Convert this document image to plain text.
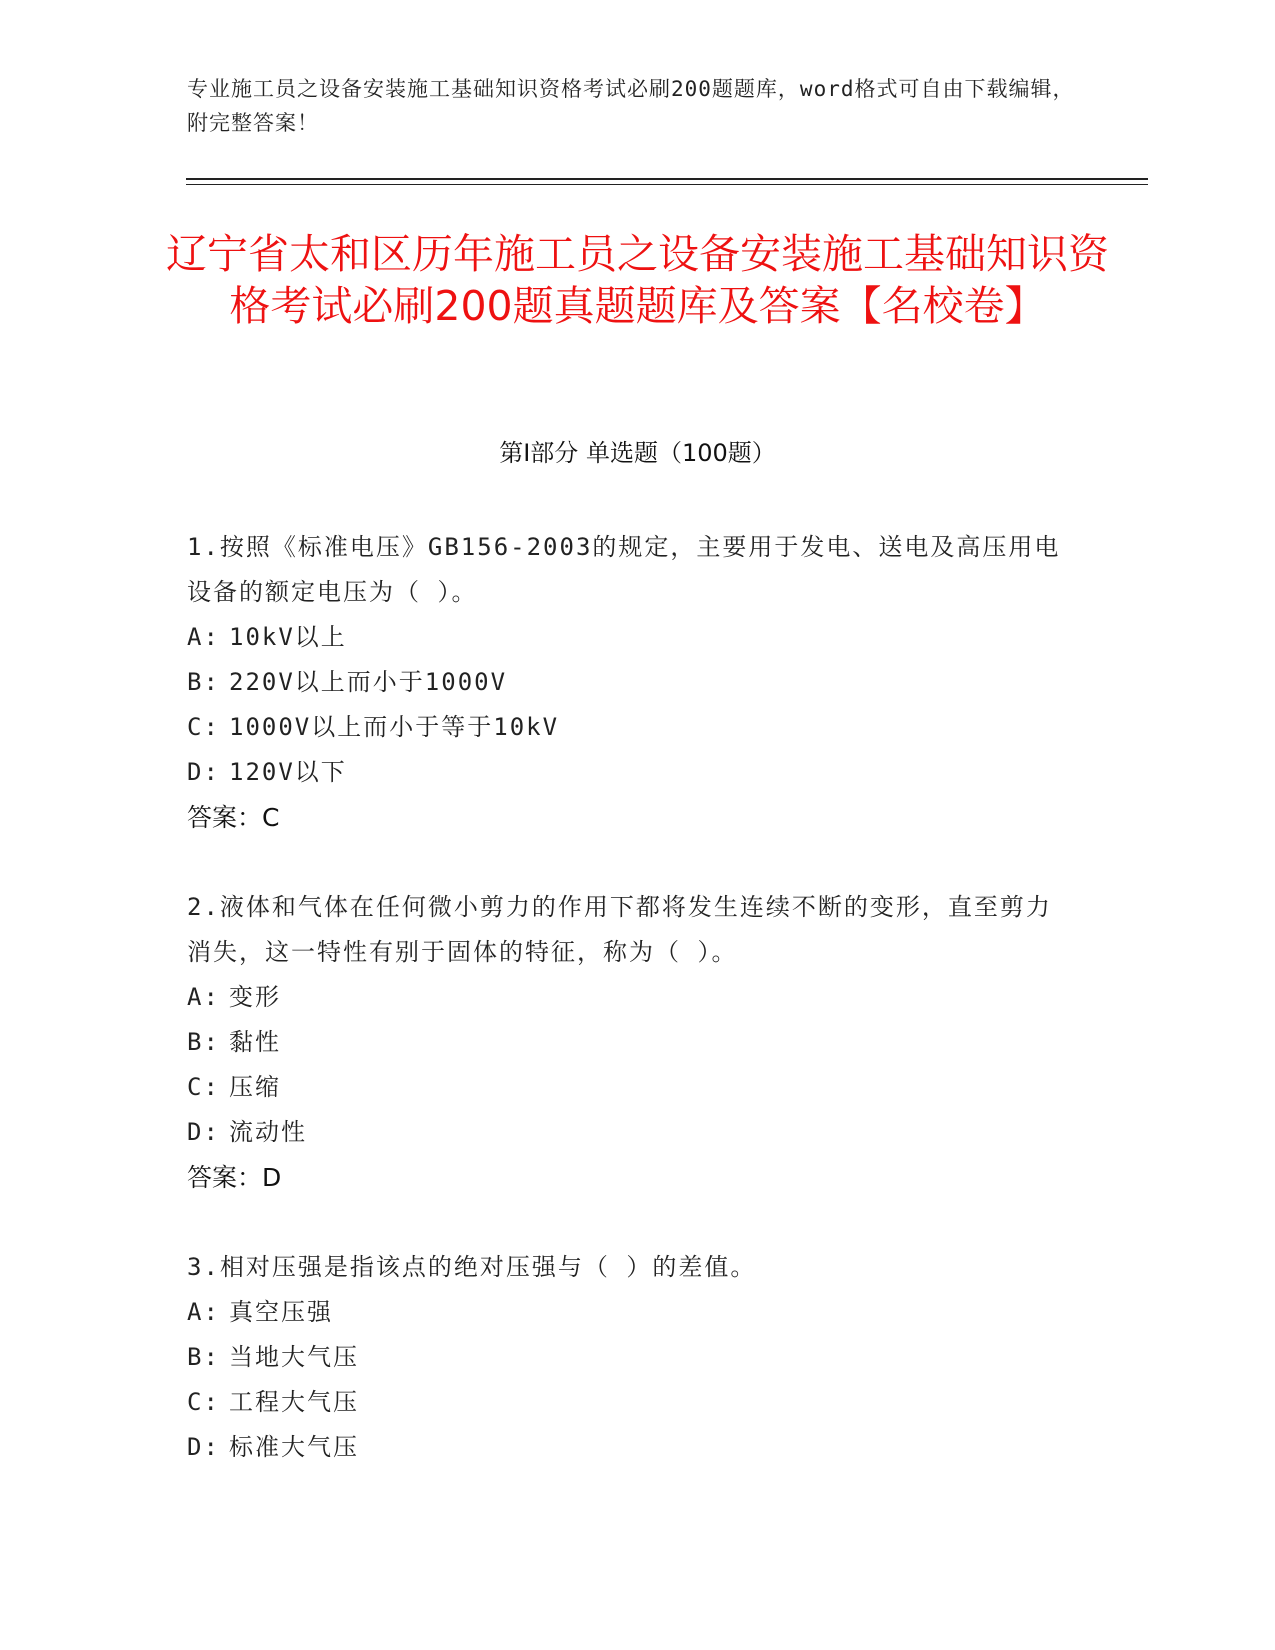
专业施工员之设备安装施工基础知识资格考试必刷200题题库，word格式可自由下载编辑，附完整答案！
辽宁省太和区历年施工员之设备安装施工基础知识资格考试必刷200题真题题库及答案【名校卷】
第Ⅰ部分 单选题（100题）
1.按照《标准电压》GB156-2003的规定，主要用于发电、送电及高压用电设备的额定电压为（ ）。
A: 10kV以上
B: 220V以上而小于1000V
C: 1000V以上而小于等于10kV
D: 120V以下
答案：C
2.液体和气体在任何微小剪力的作用下都将发生连续不断的变形，直至剪力消失，这一特性有别于固体的特征，称为（ ）。
A: 变形
B: 黏性
C: 压缩
D: 流动性
答案：D
3.相对压强是指该点的绝对压强与（ ）的差值。
A: 真空压强
B: 当地大气压
C: 工程大气压
D: 标准大气压
